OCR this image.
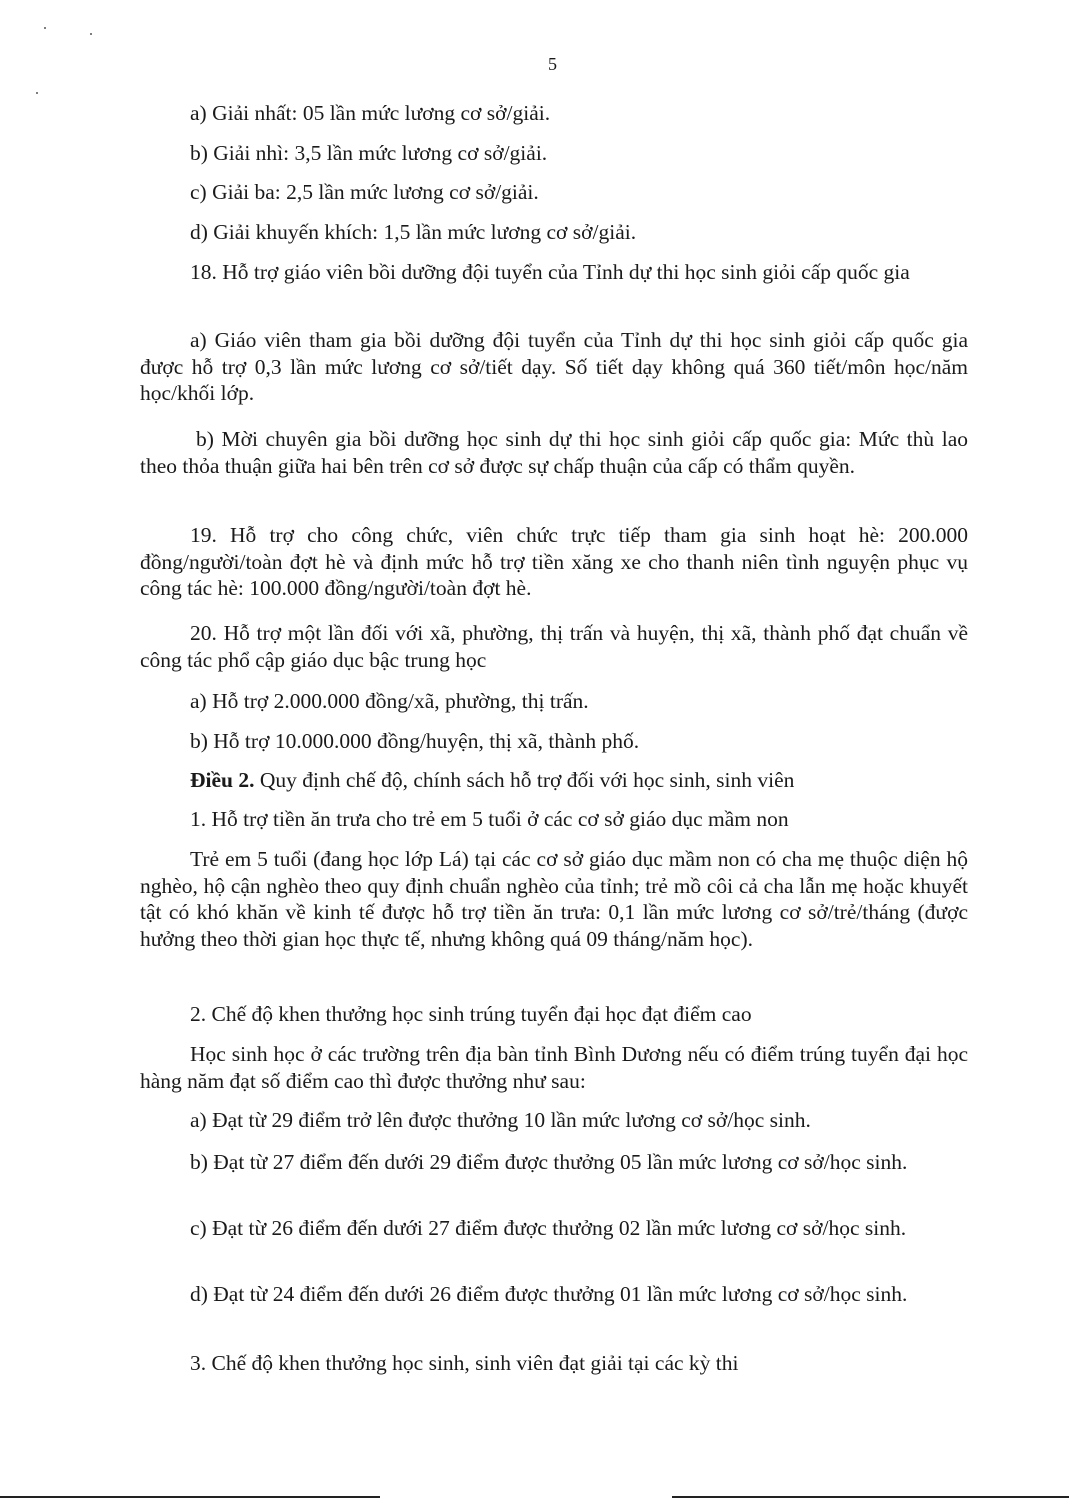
5

a) Giải nhất: 05 lần mức lương cơ sở/giải.

b) Giải nhì: 3,5 lần mức lương cơ sở/giải.

c) Giải ba: 2,5 lần mức lương cơ sở/giải.

d) Giải khuyến khích: 1,5 lần mức lương cơ sở/giải.

18. Hỗ trợ giáo viên bồi dưỡng đội tuyển của Tỉnh dự thi học sinh giỏi cấp quốc gia

a) Giáo viên tham gia bồi dưỡng đội tuyển của Tỉnh dự thi học sinh giỏi cấp quốc gia được hỗ trợ 0,3 lần mức lương cơ sở/tiết dạy. Số tiết dạy không quá 360 tiết/môn học/năm học/khối lớp.

b) Mời chuyên gia bồi dưỡng học sinh dự thi học sinh giỏi cấp quốc gia: Mức thù lao theo thỏa thuận giữa hai bên trên cơ sở được sự chấp thuận của cấp có thẩm quyền.

19. Hỗ trợ cho công chức, viên chức trực tiếp tham gia sinh hoạt hè: 200.000 đồng/người/toàn đợt hè và định mức hỗ trợ tiền xăng xe cho thanh niên tình nguyện phục vụ công tác hè: 100.000 đồng/người/toàn đợt hè.

20. Hỗ trợ một lần đối với xã, phường, thị trấn và huyện, thị xã, thành phố đạt chuẩn về công tác phổ cập giáo dục bậc trung học

a) Hỗ trợ 2.000.000 đồng/xã, phường, thị trấn.

b) Hỗ trợ 10.000.000 đồng/huyện, thị xã, thành phố.

Điều 2. Quy định chế độ, chính sách hỗ trợ đối với học sinh, sinh viên

1. Hỗ trợ tiền ăn trưa cho trẻ em 5 tuổi ở các cơ sở giáo dục mầm non

Trẻ em 5 tuổi (đang học lớp Lá) tại các cơ sở giáo dục mầm non có cha mẹ thuộc diện hộ nghèo, hộ cận nghèo theo quy định chuẩn nghèo của tỉnh; trẻ mồ côi cả cha lẫn mẹ hoặc khuyết tật có khó khăn về kinh tế được hỗ trợ tiền ăn trưa: 0,1 lần mức lương cơ sở/trẻ/tháng (được hưởng theo thời gian học thực tế, nhưng không quá 09 tháng/năm học).

2. Chế độ khen thưởng học sinh trúng tuyển đại học đạt điểm cao

Học sinh học ở các trường trên địa bàn tỉnh Bình Dương nếu có điểm trúng tuyển đại học hàng năm đạt số điểm cao thì được thưởng như sau:

a) Đạt từ 29 điểm trở lên được thưởng 10 lần mức lương cơ sở/học sinh.

b) Đạt từ 27 điểm đến dưới 29 điểm được thưởng 05 lần mức lương cơ sở/học sinh.

c) Đạt từ 26 điểm đến dưới 27 điểm được thưởng 02 lần mức lương cơ sở/học sinh.

d) Đạt từ 24 điểm đến dưới 26 điểm được thưởng 01 lần mức lương cơ sở/học sinh.

3. Chế độ khen thưởng học sinh, sinh viên đạt giải tại các kỳ thi
